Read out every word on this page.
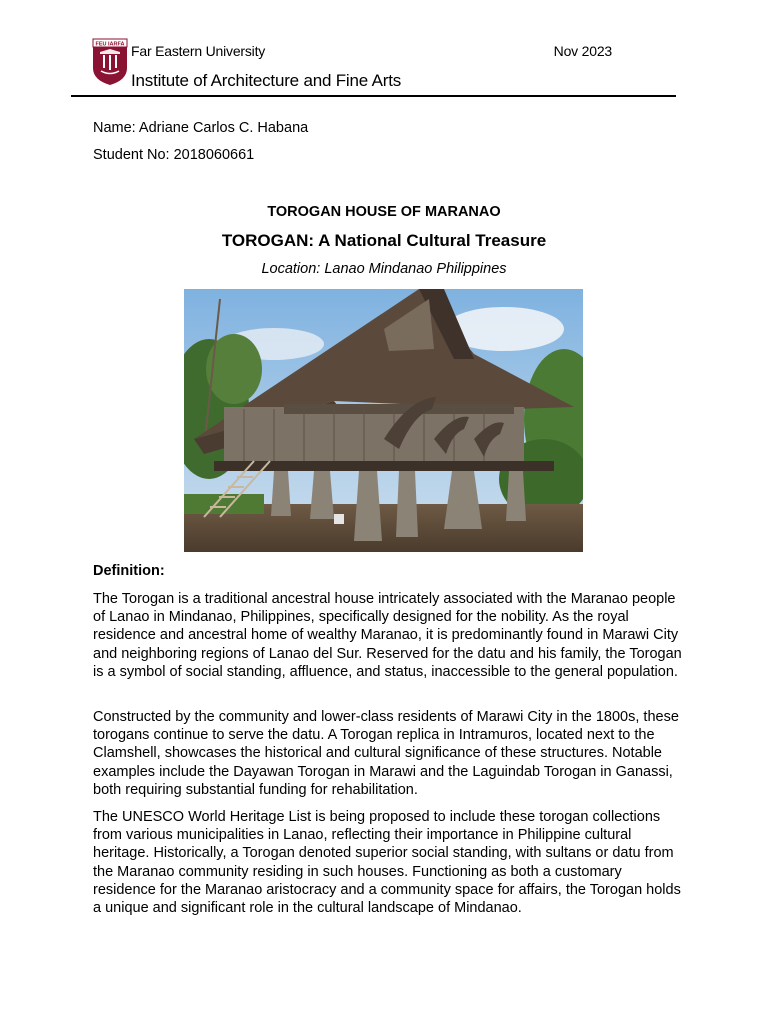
FEU IARFA Far Eastern University
Institute of Architecture and Fine Arts
Nov 2023
Name: Adriane Carlos C. Habana
Student No: 2018060661
TOROGAN HOUSE OF MARANAO
TOROGAN: A National Cultural Treasure
Location: Lanao Mindanao Philippines
Definition:

The Torogan is a traditional ancestral house intricately associated with the Maranao people of Lanao in Mindanao, Philippines, specifically designed for the nobility. As the royal residence and ancestral home of wealthy Maranao, it is predominantly found in Marawi City and neighboring regions of Lanao del Sur. Reserved for the datu and his family, the Torogan is a symbol of social standing, affluence, and status, inaccessible to the general population.

Constructed by the community and lower-class residents of Marawi City in the 1800s, these torogans continue to serve the datu. A Torogan replica in Intramuros, located next to the Clamshell, showcases the historical and cultural significance of these structures. Notable examples include the Dayawan Torogan in Marawi and the Laguindab Torogan in Ganassi, both requiring substantial funding for rehabilitation.

The UNESCO World Heritage List is being proposed to include these torogan collections from various municipalities in Lanao, reflecting their importance in Philippine cultural heritage. Historically, a Torogan denoted superior social standing, with sultans or datu from the Maranao community residing in such houses. Functioning as both a customary residence for the Maranao aristocracy and a community space for affairs, the Torogan holds a unique and significant role in the cultural landscape of Mindanao.
